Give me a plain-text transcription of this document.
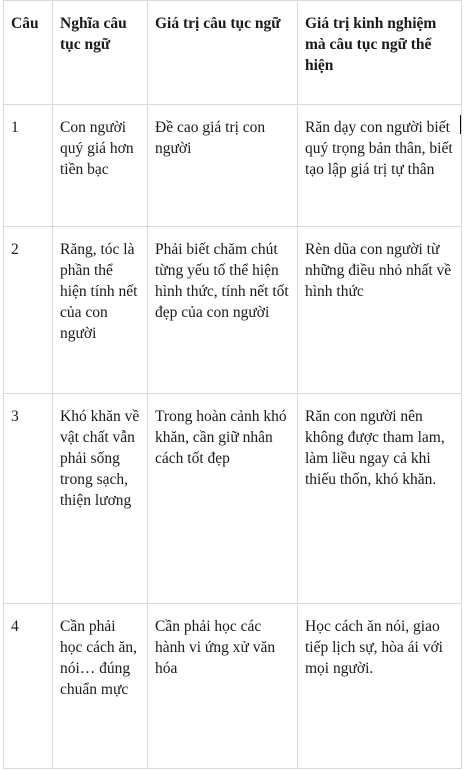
Câu	Nghĩa câu tục ngữ	Giá trị câu tục ngữ	Giá trị kinh nghiệm mà câu tục ngữ thể hiện
1	Con người quý giá hơn tiền bạc	Đề cao giá trị con người	Răn dạy con người biết quý trọng bản thân, biết tạo lập giá trị tự thân
2	Răng, tóc là phần thể hiện tính nết của con người	Phải biết chăm chút từng yếu tố thể hiện hình thức, tính nết tốt đẹp của con người	Rèn dũa con người từ những điều nhỏ nhất về hình thức
3	Khó khăn về vật chất vẫn phải sống trong sạch, thiện lương	Trong hoàn cảnh khó khăn, cần giữ nhân cách tốt đẹp	Răn con người nên không được tham lam, làm liều ngay cả khi thiếu thốn, khó khăn.
4	Cần phải học cách ăn, nói… đúng chuẩn mực	Cần phải học các hành vi ứng xử văn hóa	Học cách ăn nói, giao tiếp lịch sự, hòa ái với mọi người.
